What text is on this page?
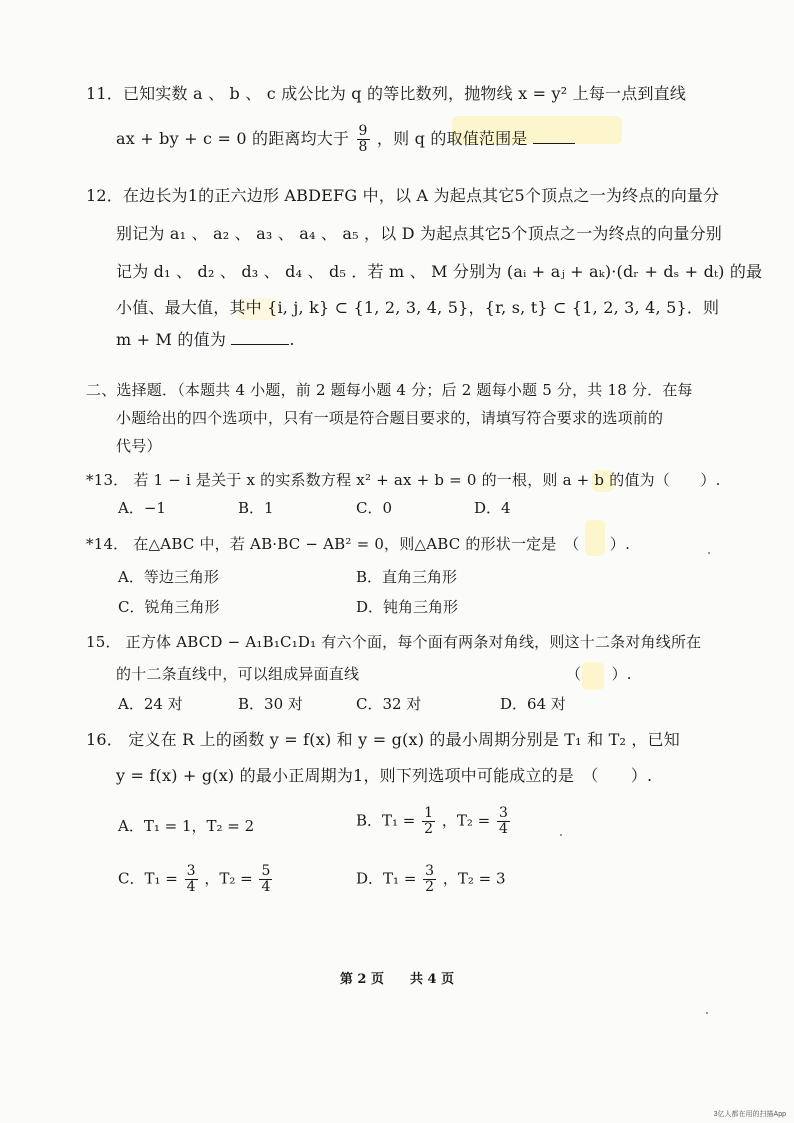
11．已知实数 a 、 b 、 c 成公比为 q 的等比数列，抛物线 x = y² 上每一点到直线
ax + by + c = 0 的距离均大于 $\frac{9}{8}$ ，则 q 的取值范围是
12．在边长为1的正六边形 ABDEFG 中，以 A 为起点其它5个顶点之一为终点的向量分
别记为 a₁ 、 a₂ 、 a₃ 、 a₄ 、 a₅ ，以 D 为起点其它5个顶点之一为终点的向量分别
记为 d₁ 、 d₂ 、 d₃ 、 d₄ 、 d₅ ．若 m 、 M 分别为 (aᵢ + aⱼ + aₖ)·(dᵣ + dₛ + dₜ) 的最
小值、最大值，其中 {i, j, k} ⊂ {1, 2, 3, 4, 5}，{r, s, t} ⊂ {1, 2, 3, 4, 5}．则
m + M 的值为	.
二、选择题．（本题共 4 小题，前 2 题每小题 4 分；后 2 题每小题 5 分，共 18 分．在每
小题给出的四个选项中，只有一项是符合题目要求的，请填写符合要求的选项前的
代号）
*13． 若 1 − i 是关于 x 的实系数方程 x² + ax + b = 0 的一根，则 a + b 的值为（　　）.
A．−1	B．1	C．0	D．4
*14． 在△ABC 中，若 AB·BC − AB² = 0，则△ABC 的形状一定是　（　　）.
A．等边三角形	B．直角三角形
C．锐角三角形	D．钝角三角形
15． 正方体 ABCD − A₁B₁C₁D₁ 有六个面，每个面有两条对角线，则这十二条对角线所在
的十二条直线中，可以组成异面直线	（　　）.
A．24 对	B．30 对	C．32 对	D．64 对
16． 定义在 R 上的函数 y = f(x) 和 y = g(x) 的最小周期分别是 T₁ 和 T₂ ，已知
y = f(x) + g(x) 的最小正周期为1，则下列选项中可能成立的是　（　　）.
A．T₁ = 1，T₂ = 2	B．$T_1 = \frac{1}{2}$ ，$T_2 = \frac{3}{4}$
C．$T_1 = \frac{3}{4}$ ，$T_2 = \frac{5}{4}$	D．$T_1 = \frac{3}{2}$ ，T₂ = 3
第 2 页　　共 4 页
3亿人都在用的扫描App
